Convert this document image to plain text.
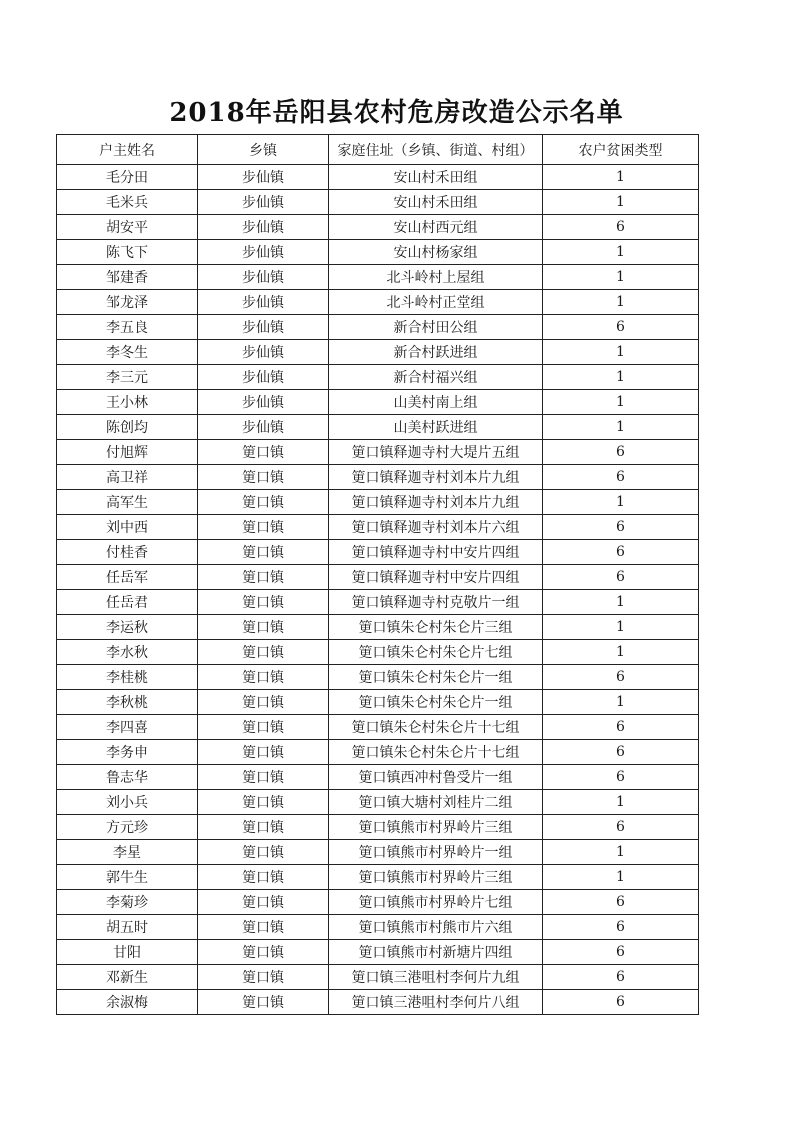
2018年岳阳县农村危房改造公示名单
户主姓名	乡镇	家庭住址（乡镇、街道、村组）	农户贫困类型
毛分田	步仙镇	安山村禾田组	1
毛米兵	步仙镇	安山村禾田组	1
胡安平	步仙镇	安山村西元组	6
陈飞下	步仙镇	安山村杨家组	1
邹建香	步仙镇	北斗岭村上屋组	1
邹龙泽	步仙镇	北斗岭村正堂组	1
李五良	步仙镇	新合村田公组	6
李冬生	步仙镇	新合村跃进组	1
李三元	步仙镇	新合村福兴组	1
王小林	步仙镇	山美村南上组	1
陈创均	步仙镇	山美村跃进组	1
付旭辉	筻口镇	筻口镇释迦寺村大堤片五组	6
高卫祥	筻口镇	筻口镇释迦寺村刘本片九组	6
高军生	筻口镇	筻口镇释迦寺村刘本片九组	1
刘中西	筻口镇	筻口镇释迦寺村刘本片六组	6
付桂香	筻口镇	筻口镇释迦寺村中安片四组	6
任岳军	筻口镇	筻口镇释迦寺村中安片四组	6
任岳君	筻口镇	筻口镇释迦寺村克敬片一组	1
李运秋	筻口镇	筻口镇朱仑村朱仑片三组	1
李水秋	筻口镇	筻口镇朱仑村朱仑片七组	1
李桂桃	筻口镇	筻口镇朱仑村朱仑片一组	6
李秋桃	筻口镇	筻口镇朱仑村朱仑片一组	1
李四喜	筻口镇	筻口镇朱仑村朱仑片十七组	6
李务申	筻口镇	筻口镇朱仑村朱仑片十七组	6
鲁志华	筻口镇	筻口镇西冲村鲁受片一组	6
刘小兵	筻口镇	筻口镇大塘村刘桂片二组	1
方元珍	筻口镇	筻口镇熊市村界岭片三组	6
李星	筻口镇	筻口镇熊市村界岭片一组	1
郭牛生	筻口镇	筻口镇熊市村界岭片三组	1
李菊珍	筻口镇	筻口镇熊市村界岭片七组	6
胡五时	筻口镇	筻口镇熊市村熊市片六组	6
甘阳	筻口镇	筻口镇熊市村新塘片四组	6
邓新生	筻口镇	筻口镇三港咀村李何片九组	6
余淑梅	筻口镇	筻口镇三港咀村李何片八组	6
